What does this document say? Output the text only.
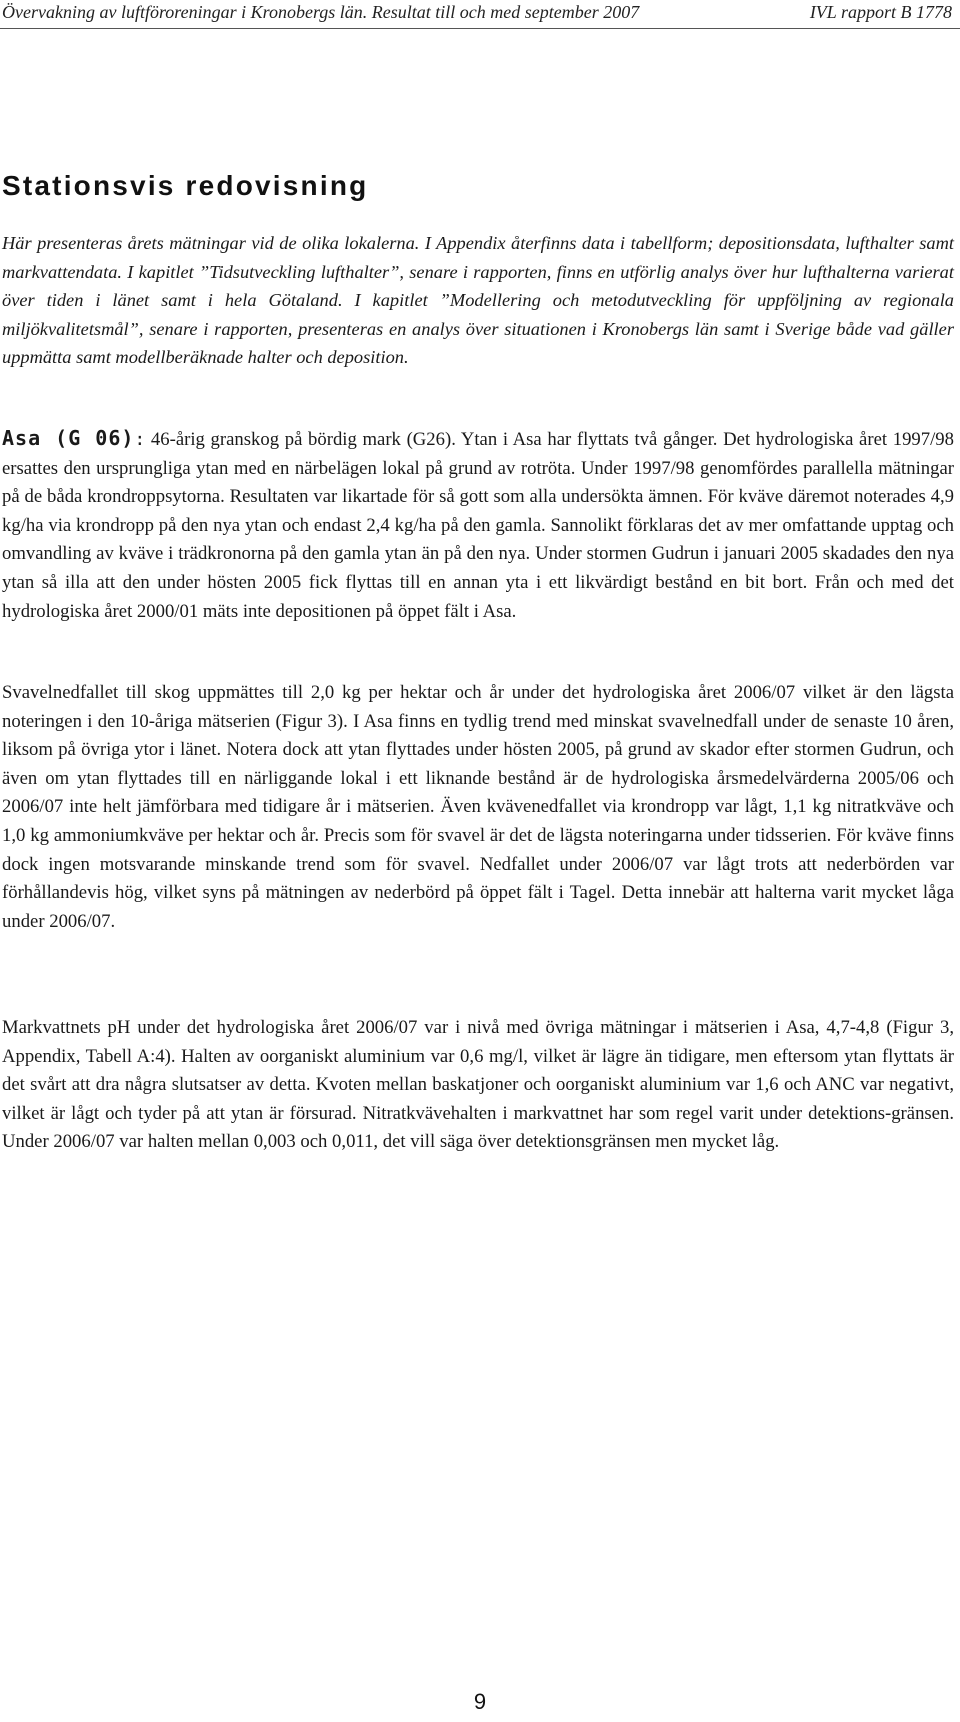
Övervakning av luftföroreningar i Kronobergs län. Resultat till och med september 2007	IVL rapport B 1778
Stationsvis redovisning

Här presenteras årets mätningar vid de olika lokalerna. I Appendix återfinns data i tabellform; depositionsdata, lufthalter samt markvattendata. I kapitlet ”Tidsutveckling lufthalter”, senare i rapporten, finns en utförlig analys över hur lufthalterna varierat över tiden i länet samt i hela Götaland. I kapitlet ”Modellering och metodutveckling för uppföljning av regionala miljökvalitetsmål”, senare i rapporten, presenteras en analys över situationen i Kronobergs län samt i Sverige både vad gäller uppmätta samt modellberäknade halter och deposition.

Asa (G 06): 46-årig granskog på bördig mark (G26). Ytan i Asa har flyttats två gånger. Det hydrologiska året 1997/98 ersattes den ursprungliga ytan med en närbelägen lokal på grund av rotröta. Under 1997/98 genomfördes parallella mätningar på de båda krondroppsytorna. Resultaten var likartade för så gott som alla undersökta ämnen. För kväve däremot noterades 4,9 kg/ha via krondropp på den nya ytan och endast 2,4 kg/ha på den gamla. Sannolikt förklaras det av mer omfattande upptag och omvandling av kväve i trädkronorna på den gamla ytan än på den nya. Under stormen Gudrun i januari 2005 skadades den nya ytan så illa att den under hösten 2005 fick flyttas till en annan yta i ett likvärdigt bestånd en bit bort. Från och med det hydrologiska året 2000/01 mäts inte depositionen på öppet fält i Asa.

Svavelnedfallet till skog uppmättes till 2,0 kg per hektar och år under det hydrologiska året 2006/07 vilket är den lägsta noteringen i den 10-åriga mätserien (Figur 3). I Asa finns en tydlig trend med minskat svavelnedfall under de senaste 10 åren, liksom på övriga ytor i länet. Notera dock att ytan flyttades under hösten 2005, på grund av skador efter stormen Gudrun, och även om ytan flyttades till en närliggande lokal i ett liknande bestånd är de hydrologiska årsmedelvärderna 2005/06 och 2006/07 inte helt jämförbara med tidigare år i mätserien. Även kvävenedfallet via krondropp var lågt, 1,1 kg nitratkväve och 1,0 kg ammoniumkväve per hektar och år. Precis som för svavel är det de lägsta noteringarna under tidsserien. För kväve finns dock ingen motsvarande minskande trend som för svavel. Nedfallet under 2006/07 var lågt trots att nederbörden var förhållandevis hög, vilket syns på mätningen av nederbörd på öppet fält i Tagel. Detta innebär att halterna varit mycket låga under 2006/07.

Markvattnets pH under det hydrologiska året 2006/07 var i nivå med övriga mätningar i mätserien i Asa, 4,7-4,8 (Figur 3, Appendix, Tabell A:4). Halten av oorganiskt aluminium var 0,6 mg/l, vilket är lägre än tidigare, men eftersom ytan flyttats är det svårt att dra några slutsatser av detta. Kvoten mellan baskatjoner och oorganiskt aluminium var 1,6 och ANC var negativt, vilket är lågt och tyder på att ytan är försurad. Nitratkvävehalten i markvattnet har som regel varit under detektions-gränsen. Under 2006/07 var halten mellan 0,003 och 0,011, det vill säga över detektionsgränsen men mycket låg.

9
